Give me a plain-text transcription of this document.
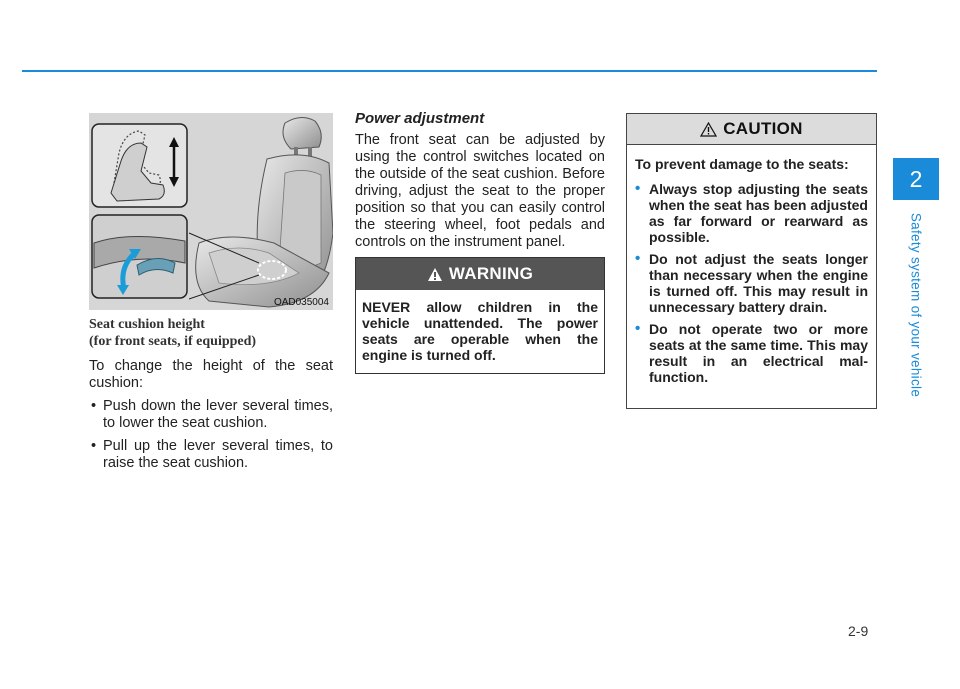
2
Safety system of your vehicle
OAD035004
Seat cushion height
(for front seats, if equipped)

To change the height of the seat cushion:

• Push down the lever several times, to lower the seat cushion.
• Pull up the lever several times, to raise the seat cushion.
Power adjustment

The front seat can be adjusted by using the control switches located on the outside of the seat cushion. Before driving, adjust the seat to the proper position so that you can easily control the steering wheel, foot pedals and controls on the instrument panel.

WARNING
NEVER allow children in the vehicle unattended. The power seats are operable when the engine is turned off.
CAUTION

To prevent damage to the seats:

• Always stop adjusting the seats when the seat has been adjusted as far forward or rearward as possible.
• Do not adjust the seats longer than necessary when the engine is turned off. This may result in unnecessary battery drain.
• Do not operate two or more seats at the same time. This may result in an electrical mal-function.
2-9
